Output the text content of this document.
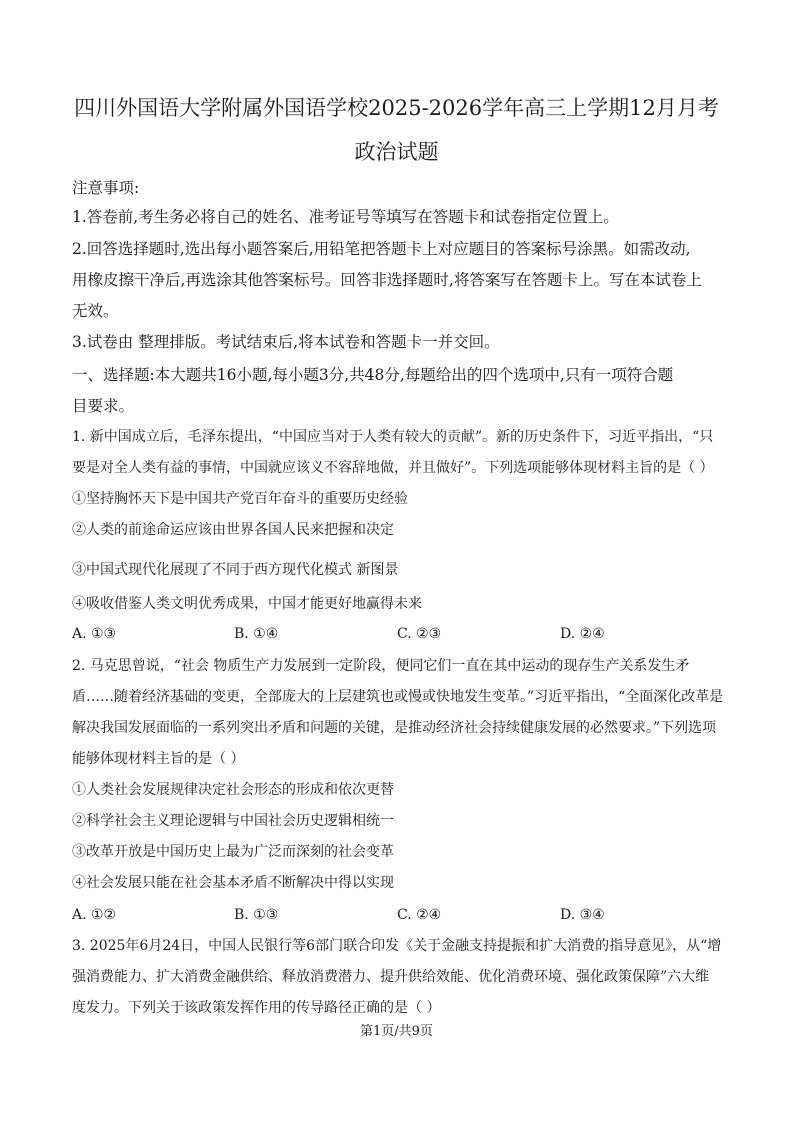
四川外国语大学附属外国语学校2025-2026学年高三上学期12月月考
政治试题
注意事项:
1.答卷前,考生务必将自己的姓名、准考证号等填写在答题卡和试卷指定位置上。
2.回答选择题时,选出每小题答案后,用铅笔把答题卡上对应题目的答案标号涂黑。如需改动,
用橡皮擦干净后,再选涂其他答案标号。回答非选择题时,将答案写在答题卡上。写在本试卷上
无效。
3.试卷由 整理排版。考试结束后,将本试卷和答题卡一并交回。
一、选择题:本大题共16小题,每小题3分,共48分,每题给出的四个选项中,只有一项符合题
目要求。
1. 新中国成立后，毛泽东提出，“中国应当对于人类有较大的贡献”。新的历史条件下，习近平指出，“只
要是对全人类有益的事情，中国就应该义不容辞地做，并且做好”。下列选项能够体现材料主旨的是（ ）
①坚持胸怀天下是中国共产党百年奋斗的重要历史经验
②人类的前途命运应该由世界各国人民来把握和决定
③中国式现代化展现了不同于西方现代化模式 新图景
④吸收借鉴人类文明优秀成果，中国才能更好地赢得未来
A. ①③	B. ①④	C. ②③	D. ②④
2. 马克思曾说，“社会 物质生产力发展到一定阶段，便同它们一直在其中运动的现存生产关系发生矛
盾……随着经济基础的变更，全部庞大的上层建筑也或慢或快地发生变革。”习近平指出，“全面深化改革是
解决我国发展面临的一系列突出矛盾和问题的关键，是推动经济社会持续健康发展的必然要求。”下列选项
能够体现材料主旨的是（ ）
①人类社会发展规律决定社会形态的形成和依次更替
②科学社会主义理论逻辑与中国社会历史逻辑相统一
③改革开放是中国历史上最为广泛而深刻的社会变革
④社会发展只能在社会基本矛盾不断解决中得以实现
A. ①②	B. ①③	C. ②④	D. ③④
3. 2025年6月24日，中国人民银行等6部门联合印发《关于金融支持提振和扩大消费的指导意见》，从“增
强消费能力、扩大消费金融供给、释放消费潜力、提升供给效能、优化消费环境、强化政策保障”六大维
度发力。下列关于该政策发挥作用的传导路径正确的是（ ）
第1页/共9页
